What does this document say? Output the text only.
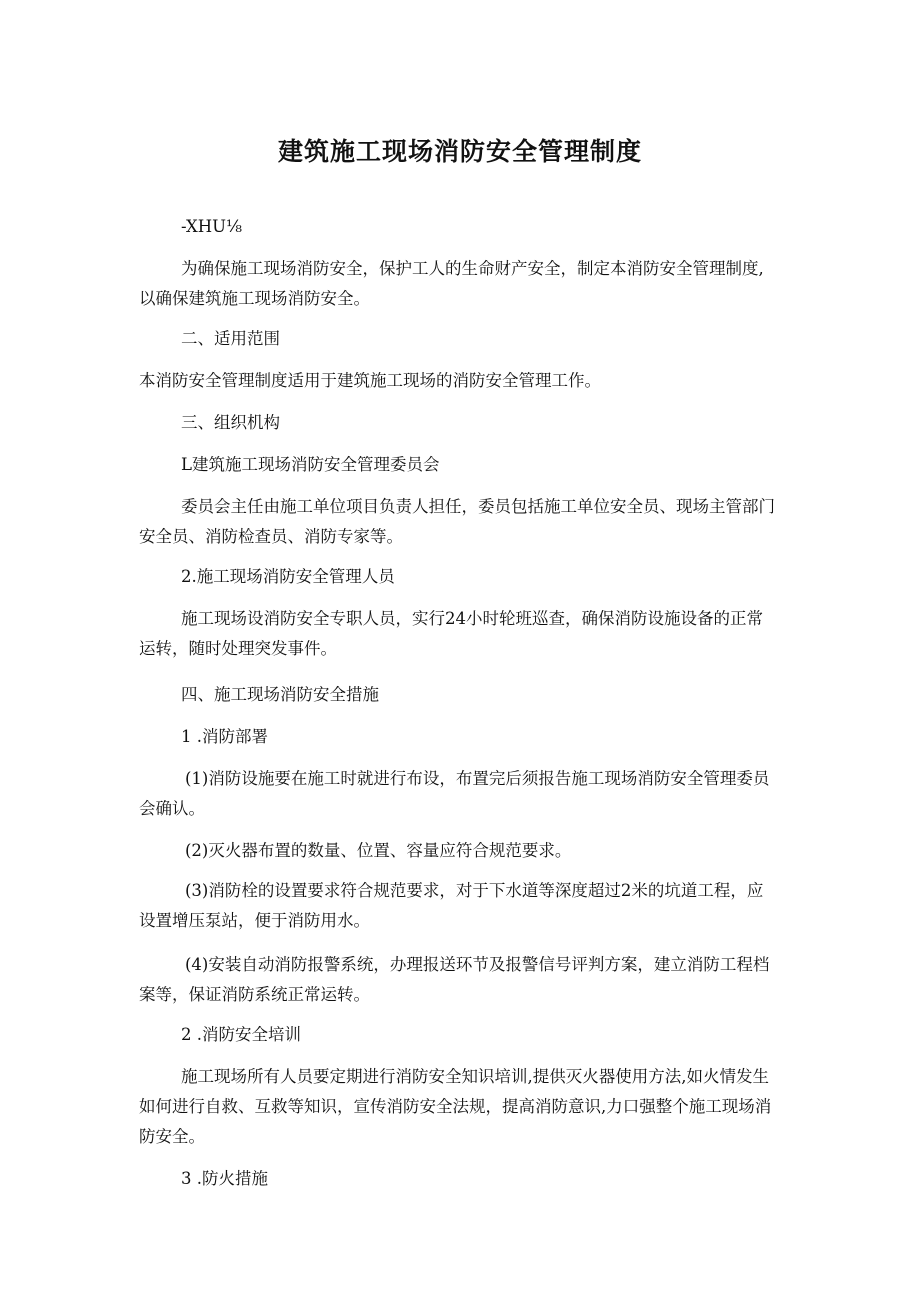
建筑施工现场消防安全管理制度
-XHU⅛
为确保施工现场消防安全，保护工人的生命财产安全，制定本消防安全管理制度,
以确保建筑施工现场消防安全。
二、适用范围
本消防安全管理制度适用于建筑施工现场的消防安全管理工作。
三、组织机构
L建筑施工现场消防安全管理委员会
委员会主任由施工单位项目负责人担任，委员包括施工单位安全员、现场主管部门
安全员、消防检查员、消防专家等。
2.施工现场消防安全管理人员
施工现场设消防安全专职人员，实行24小时轮班巡查，确保消防设施设备的正常
运转，随时处理突发事件。
四、施工现场消防安全措施
1 .消防部署
(1)消防设施要在施工时就进行布设，布置完后须报告施工现场消防安全管理委员
会确认。
(2)灭火器布置的数量、位置、容量应符合规范要求。
(3)消防栓的设置要求符合规范要求，对于下水道等深度超过2米的坑道工程，应
设置增压泵站，便于消防用水。
(4)安装自动消防报警系统，办理报送环节及报警信号评判方案，建立消防工程档
案等，保证消防系统正常运转。
2 .消防安全培训
施工现场所有人员要定期进行消防安全知识培训,提供灭火器使用方法,如火情发生
如何进行自救、互救等知识，宣传消防安全法规，提高消防意识,力口强整个施工现场消
防安全。
3 .防火措施
